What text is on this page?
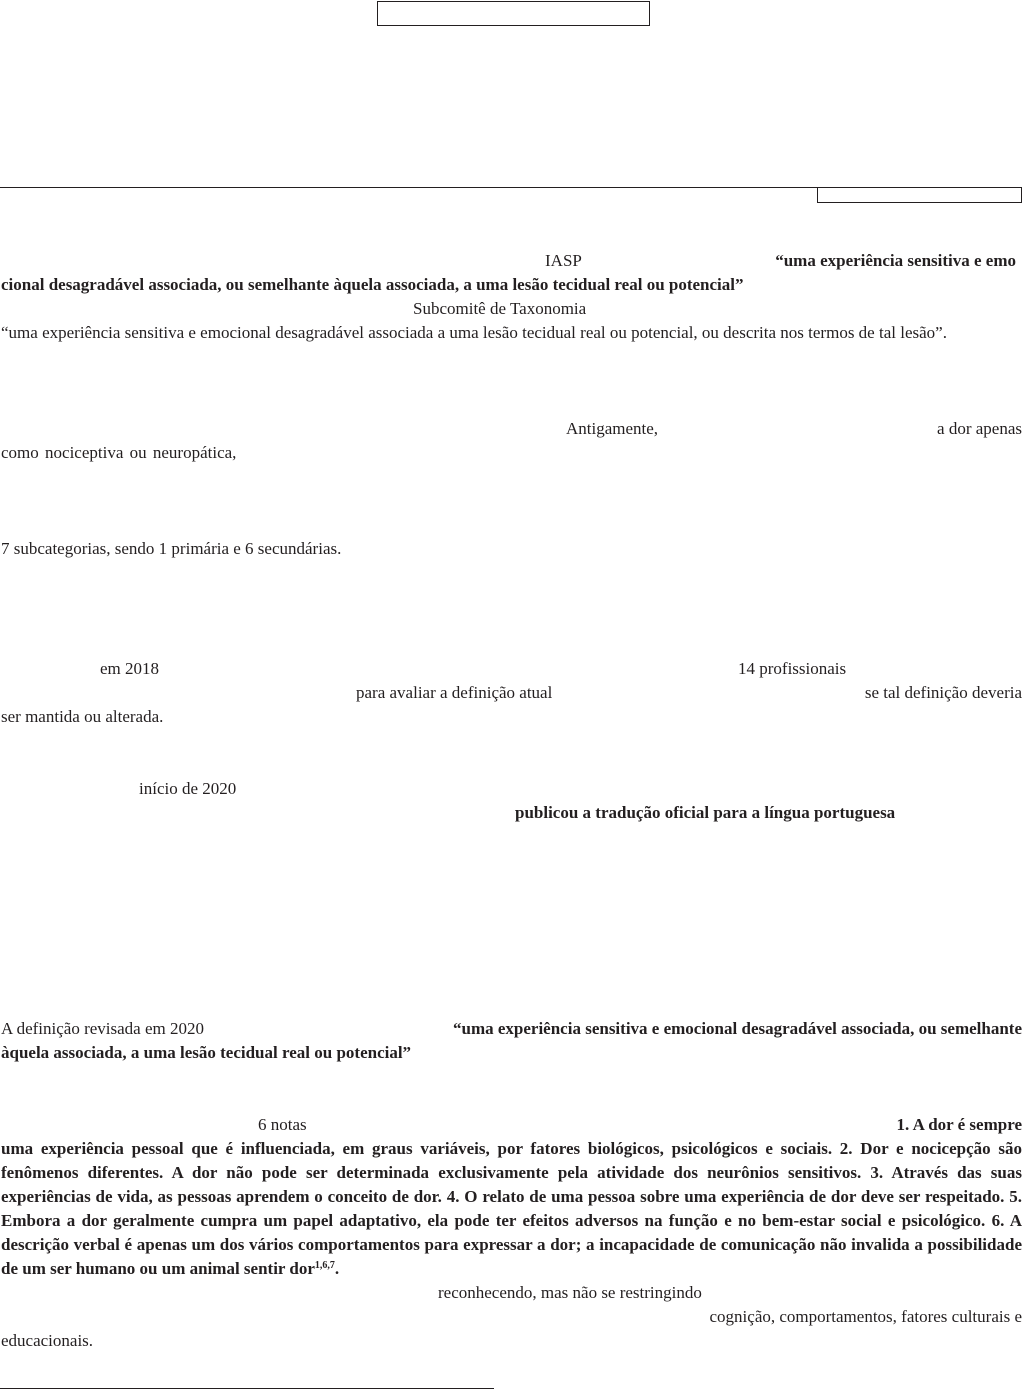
IASP	“uma experiência sensitiva e emo
cional desagradável associada, ou semelhante àquela associada, a uma lesão tecidual real ou potencial”
Subcomitê de Taxonomia
“uma experiência sensitiva e emocional desagradável associada a uma lesão tecidual real ou potencial, ou descrita nos termos de tal lesão”.
Antigamente,	a dor apenas
como nociceptiva ou neuropática,
7 subcategorias, sendo 1 primária e 6 secundárias.
em 2018	14 profissionais
para avaliar a definição atual	se tal definição deveria
ser mantida ou alterada.
início de 2020
publicou a tradução oficial para a língua portuguesa
A definição revisada em 2020	“uma experiência sensitiva e emocional desagradável associada, ou semelhante
àquela associada, a uma lesão tecidual real ou potencial”
6 notas	1. A dor é sempre
uma experiência pessoal que é influenciada, em graus variáveis, por fatores biológicos, psicológicos e sociais. 2. Dor e nocicepção são fenômenos diferentes. A dor não pode ser determinada exclusivamente pela atividade dos neurônios sensitivos. 3. Através das suas experiências de vida, as pessoas aprendem o conceito de dor. 4. O relato de uma pessoa sobre uma experiência de dor deve ser respeitado. 5. Embora a dor geralmente cumpra um papel adaptativo, ela pode ter efeitos adversos na função e no bem-estar social e psicológico. 6. A descrição verbal é apenas um dos vários comportamentos para expressar a dor; a incapacidade de comunicação não invalida a possibilidade de um ser humano ou um animal sentir dor$^{1,6,7}$.
reconhecendo, mas não se restringindo
cognição, comportamentos, fatores culturais e
educacionais.
